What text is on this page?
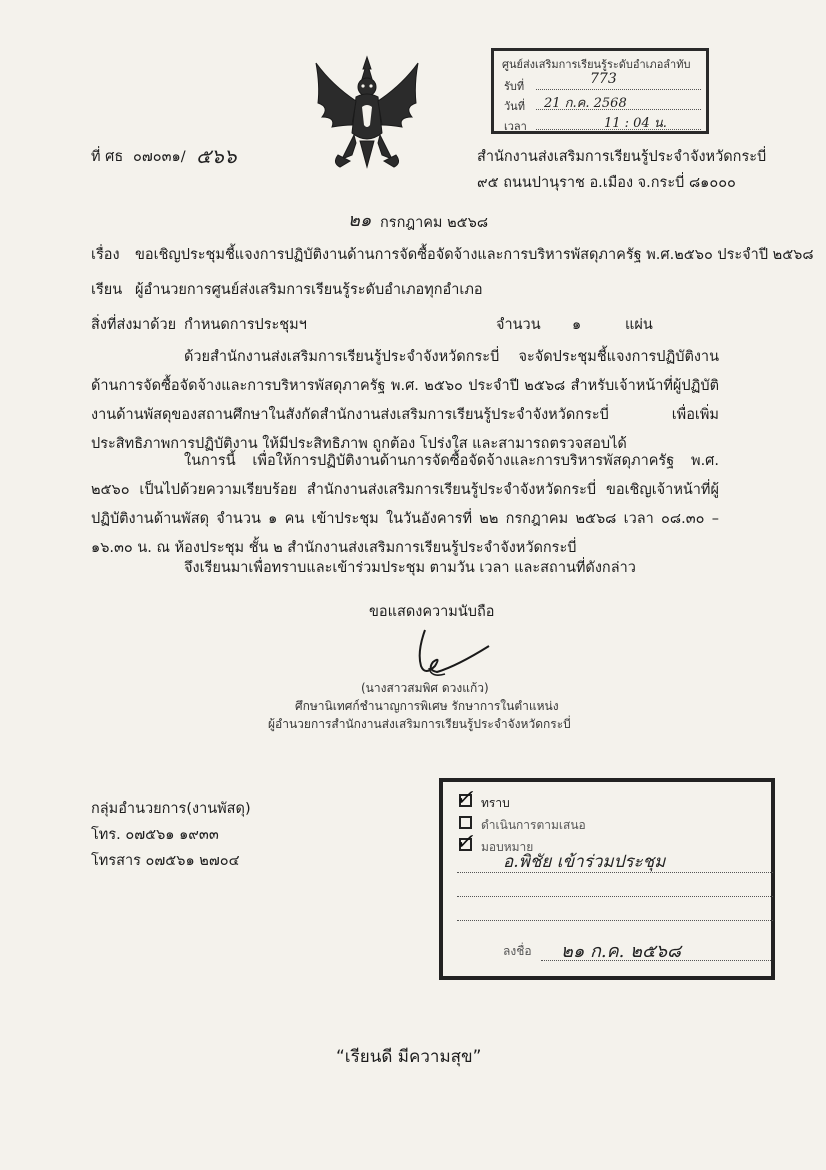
ศูนย์ส่งเสริมการเรียนรู้ระดับอำเภอลำทับ
รับที่	773
วันที่ 21 ก.ค. 2568
เวลา	11 : 04 น.
ที่ ศธ ๐๗๐๓๑/ ๕๖๖	สำนักงานส่งเสริมการเรียนรู้ประจำจังหวัดกระบี่
๙๕ ถนนปานุราช อ.เมือง จ.กระบี่ ๘๑๐๐๐
๒๑ กรกฎาคม ๒๕๖๘
เรื่อง ขอเชิญประชุมชี้แจงการปฏิบัติงานด้านการจัดซื้อจัดจ้างและการบริหารพัสดุภาครัฐ พ.ศ.๒๕๖๐ ประจำปี ๒๕๖๘
เรียน ผู้อำนวยการศูนย์ส่งเสริมการเรียนรู้ระดับอำเภอทุกอำเภอ
สิ่งที่ส่งมาด้วย กำหนดการประชุมฯ	จำนวน ๑	แผ่น
ด้วยสำนักงานส่งเสริมการเรียนรู้ประจำจังหวัดกระบี่ จะจัดประชุมชี้แจงการปฏิบัติงานด้านการจัดซื้อจัดจ้างและการบริหารพัสดุภาครัฐ พ.ศ. ๒๕๖๐ ประจำปี ๒๕๖๘ สำหรับเจ้าหน้าที่ผู้ปฏิบัติงานด้านพัสดุของสถานศึกษาในสังกัดสำนักงานส่งเสริมการเรียนรู้ประจำจังหวัดกระบี่ เพื่อเพิ่มประสิทธิภาพการปฏิบัติงาน ให้มีประสิทธิภาพ ถูกต้อง โปร่งใส และสามารถตรวจสอบได้
ในการนี้ เพื่อให้การปฏิบัติงานด้านการจัดซื้อจัดจ้างและการบริหารพัสดุภาครัฐ พ.ศ. ๒๕๖๐ เป็นไปด้วยความเรียบร้อย สำนักงานส่งเสริมการเรียนรู้ประจำจังหวัดกระบี่ ขอเชิญเจ้าหน้าที่ผู้ปฏิบัติงานด้านพัสดุ จำนวน ๑ คน เข้าประชุม ในวันอังคารที่ ๒๒ กรกฎาคม ๒๕๖๘ เวลา ๐๘.๓๐ – ๑๖.๓๐ น. ณ ห้องประชุม ชั้น ๒ สำนักงานส่งเสริมการเรียนรู้ประจำจังหวัดกระบี่
จึงเรียนมาเพื่อทราบและเข้าร่วมประชุม ตามวัน เวลา และสถานที่ดังกล่าว
ขอแสดงความนับถือ
(นางสาวสมพิศ ดวงแก้ว)
ศึกษานิเทศก์ชำนาญการพิเศษ รักษาการในตำแหน่ง
ผู้อำนวยการสำนักงานส่งเสริมการเรียนรู้ประจำจังหวัดกระบี่
กลุ่มอำนวยการ(งานพัสดุ)
โทร. ๐๗๕๖๑ ๑๙๓๓
โทรสาร ๐๗๕๖๑ ๒๗๐๔
✓ ทราบ
ดำเนินการตามเสนอ
✓ มอบหมาย
อ.พิชัย เข้าร่วมประชุม
ลงชื่อ ๒๑ ก.ค. ๒๕๖๘
“เรียนดี มีความสุข”
